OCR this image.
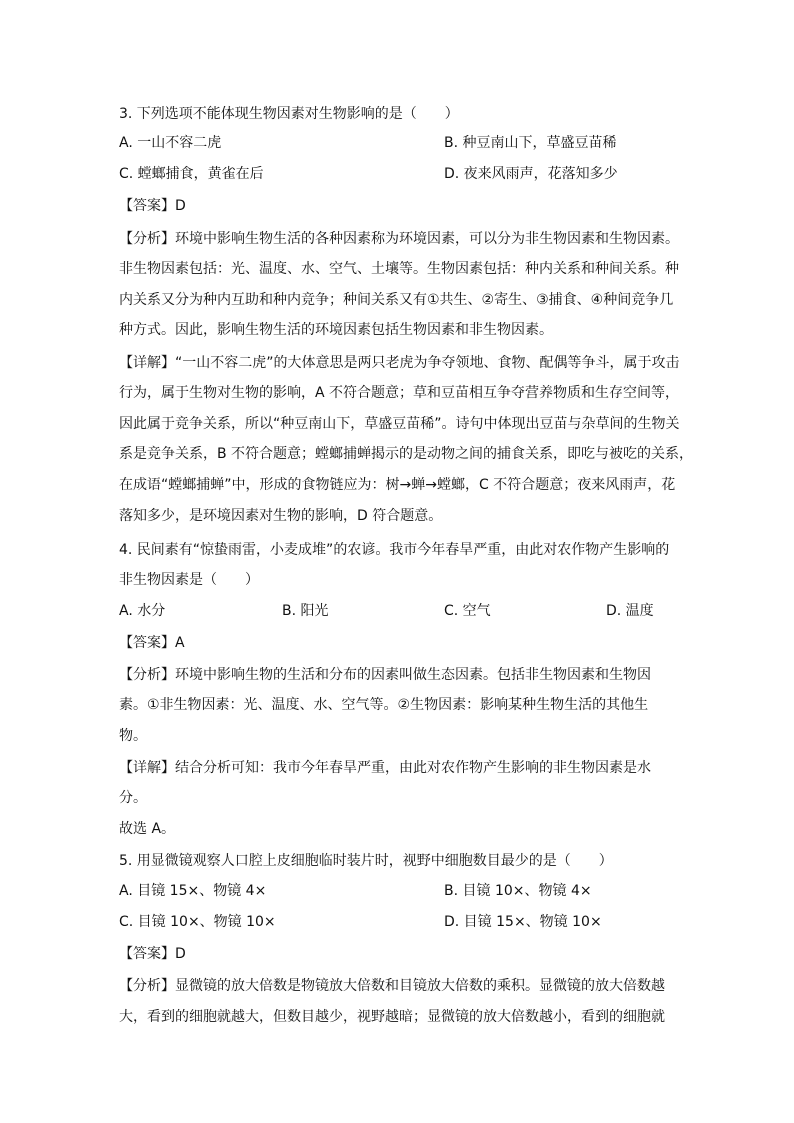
3. 下列选项不能体现生物因素对生物影响的是（　　）
A. 一山不容二虎	B. 种豆南山下，草盛豆苗稀
C. 螳螂捕食，黄雀在后	D. 夜来风雨声，花落知多少
【答案】D
【分析】环境中影响生物生活的各种因素称为环境因素，可以分为非生物因素和生物因素。
非生物因素包括：光、温度、水、空气、土壤等。生物因素包括：种内关系和种间关系。种
内关系又分为种内互助和种内竞争；种间关系又有①共生、②寄生、③捕食、④种间竞争几
种方式。因此，影响生物生活的环境因素包括生物因素和非生物因素。
【详解】“一山不容二虎”的大体意思是两只老虎为争夺领地、食物、配偶等争斗，属于攻击
行为，属于生物对生物的影响，A 不符合题意；草和豆苗相互争夺营养物质和生存空间等，
因此属于竞争关系，所以“种豆南山下，草盛豆苗稀”。诗句中体现出豆苗与杂草间的生物关
系是竞争关系，B 不符合题意；螳螂捕蝉揭示的是动物之间的捕食关系，即吃与被吃的关系，
在成语“螳螂捕蝉”中，形成的食物链应为：树→蝉→螳螂，C 不符合题意；夜来风雨声，花
落知多少，是环境因素对生物的影响，D 符合题意。
4. 民间素有“惊蛰雨雷，小麦成堆”的农谚。我市今年春旱严重，由此对农作物产生影响的
非生物因素是（　　）
A. 水分	B. 阳光	C. 空气	D. 温度
【答案】A
【分析】环境中影响生物的生活和分布的因素叫做生态因素。包括非生物因素和生物因
素。①非生物因素：光、温度、水、空气等。②生物因素：影响某种生物生活的其他生
物。
【详解】结合分析可知：我市今年春旱严重，由此对农作物产生影响的非生物因素是水
分。
故选 A。
5. 用显微镜观察人口腔上皮细胞临时装片时，视野中细胞数目最少的是（　　）
A. 目镜 15×、物镜 4×	B. 目镜 10×、物镜 4×
C. 目镜 10×、物镜 10×	D. 目镜 15×、物镜 10×
【答案】D
【分析】显微镜的放大倍数是物镜放大倍数和目镜放大倍数的乘积。显微镜的放大倍数越
大，看到的细胞就越大，但数目越少，视野越暗；显微镜的放大倍数越小，看到的细胞就
